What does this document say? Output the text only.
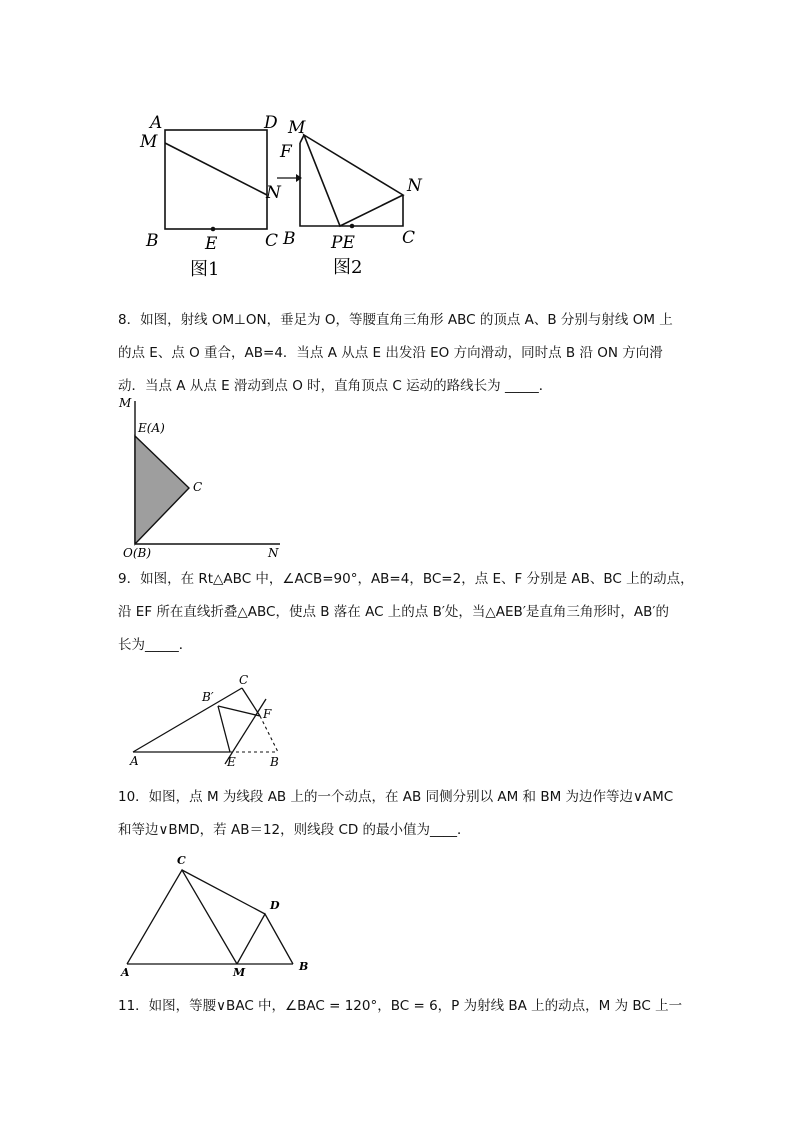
A
M
D
N
B	E	C
图1
M
F
N
B PE	C
图2
8．如图，射线 OM⊥ON，垂足为 O，等腰直角三角形 ABC 的顶点 A、B 分别与射线 OM 上
的点 E、点 O 重合，AB=4．当点 A 从点 E 出发沿 EO 方向滑动，同时点 B 沿 ON 方向滑
动．当点 A 从点 E 滑动到点 O 时，直角顶点 C 运动的路线长为 _____．
M
E(A)
C
O(B)	N
9．如图，在 Rt△ABC 中，∠ACB=90°，AB=4，BC=2，点 E、F 分别是 AB、BC 上的动点，
沿 EF 所在直线折叠△ABC，使点 B 落在 AC 上的点 B′处，当△AEB′是直角三角形时，AB′的
长为_____．
C
B′
F
A	E	B
10．如图，点 M 为线段 AB 上的一个动点，在 AB 同侧分别以 AM 和 BM 为边作等边∨AMC
和等边∨BMD，若 AB＝12，则线段 CD 的最小值为____．
C
D
A	M	B
11．如图，等腰∨BAC 中，∠BAC = 120°，BC = 6，P 为射线 BA 上的动点，M 为 BC 上一
